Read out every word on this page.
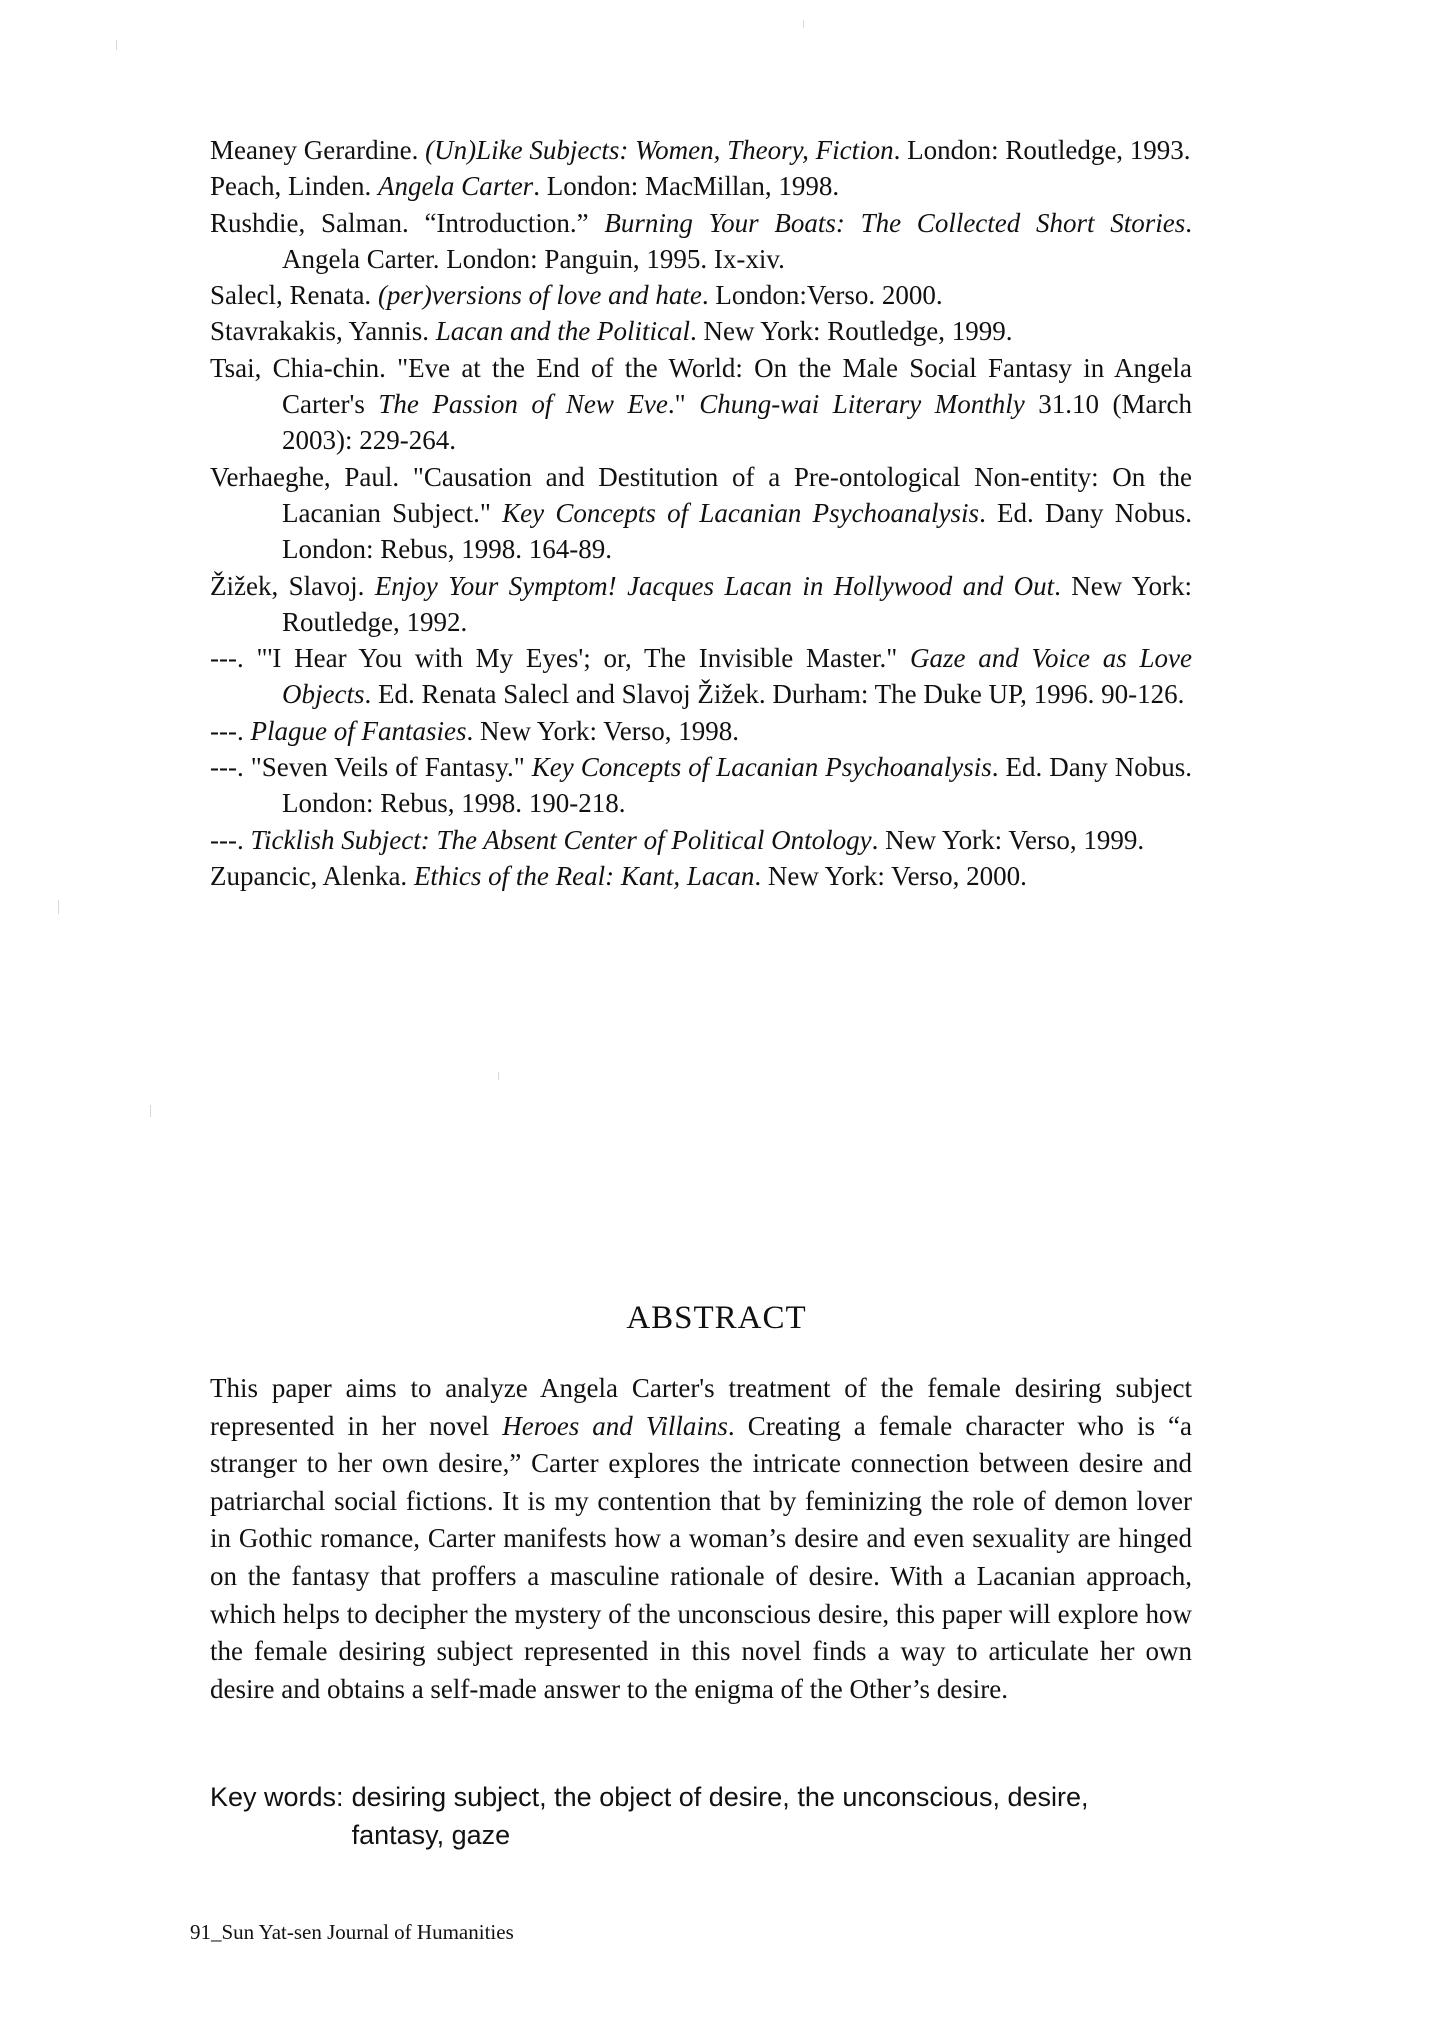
Meaney Gerardine. (Un)Like Subjects: Women, Theory, Fiction. London: Routledge, 1993.
Peach, Linden. Angela Carter. London: MacMillan, 1998.
Rushdie, Salman. “Introduction.” Burning Your Boats: The Collected Short Stories. Angela Carter. London: Panguin, 1995. Ix-xiv.
Salecl, Renata. (per)versions of love and hate. London:Verso. 2000.
Stavrakakis, Yannis. Lacan and the Political. New York: Routledge, 1999.
Tsai, Chia-chin. "Eve at the End of the World: On the Male Social Fantasy in Angela Carter's The Passion of New Eve." Chung-wai Literary Monthly 31.10 (March 2003): 229-264.
Verhaeghe, Paul. "Causation and Destitution of a Pre-ontological Non-entity: On the Lacanian Subject." Key Concepts of Lacanian Psychoanalysis. Ed. Dany Nobus. London: Rebus, 1998. 164-89.
Žižek, Slavoj. Enjoy Your Symptom! Jacques Lacan in Hollywood and Out. New York: Routledge, 1992.
---. "'I Hear You with My Eyes'; or, The Invisible Master." Gaze and Voice as Love Objects. Ed. Renata Salecl and Slavoj Žižek. Durham: The Duke UP, 1996. 90-126.
---. Plague of Fantasies. New York: Verso, 1998.
---. "Seven Veils of Fantasy." Key Concepts of Lacanian Psychoanalysis. Ed. Dany Nobus. London: Rebus, 1998. 190-218.
---. Ticklish Subject: The Absent Center of Political Ontology. New York: Verso, 1999.
Zupancic, Alenka. Ethics of the Real: Kant, Lacan. New York: Verso, 2000.
ABSTRACT

This paper aims to analyze Angela Carter's treatment of the female desiring subject represented in her novel Heroes and Villains. Creating a female character who is “a stranger to her own desire,” Carter explores the intricate connection between desire and patriarchal social fictions. It is my contention that by feminizing the role of demon lover in Gothic romance, Carter manifests how a woman’s desire and even sexuality are hinged on the fantasy that proffers a masculine rationale of desire. With a Lacanian approach, which helps to decipher the mystery of the unconscious desire, this paper will explore how the female desiring subject represented in this novel finds a way to articulate her own desire and obtains a self-made answer to the enigma of the Other’s desire.

Key words: desiring subject, the object of desire, the unconscious, desire, fantasy, gaze
91_Sun Yat-sen Journal of Humanities
